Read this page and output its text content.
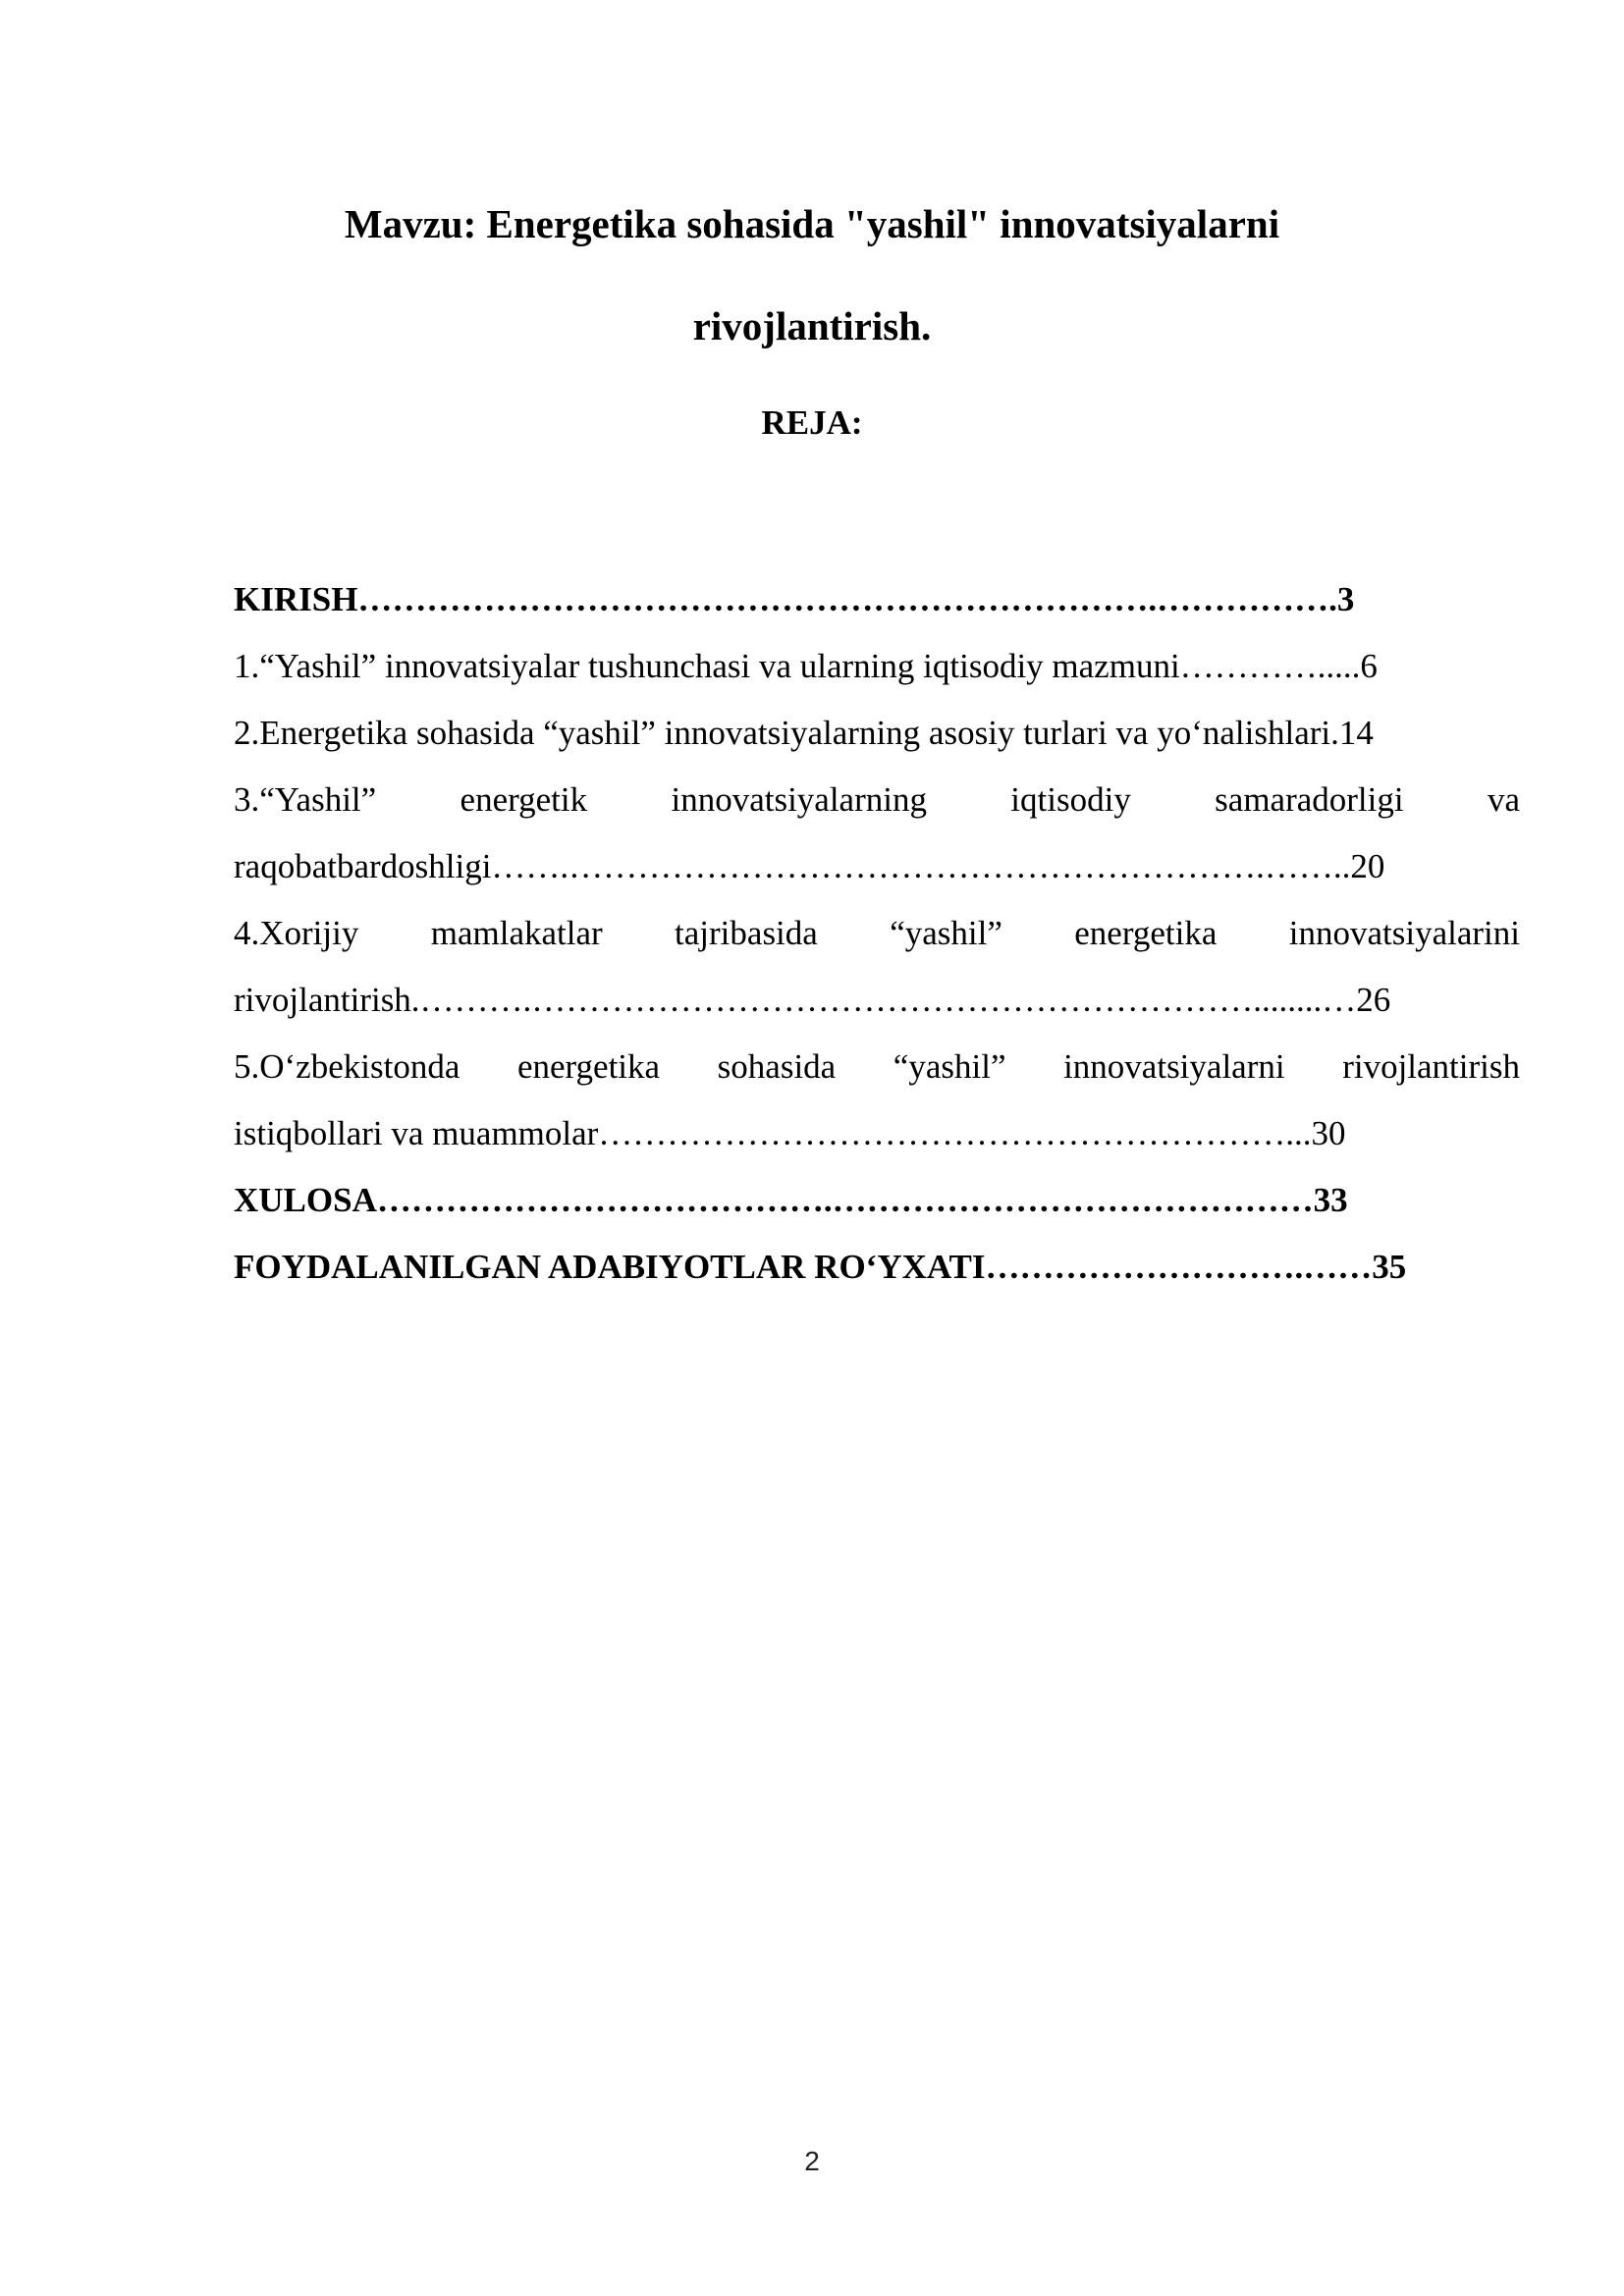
Mavzu: Energetika sohasida "yashil" innovatsiyalarni
rivojlantirish.
REJA:
KIRISH…………………………………………………………….…………….3
1.“Yashil” innovatsiyalar tushunchasi va ularning iqtisodiy mazmuni………….....6
2.Energetika sohasida “yashil” innovatsiyalarning asosiy turlari va yo‘nalishlari.14
3.“Yashil” energetik innovatsiyalarning iqtisodiy samaradorligi va
raqobatbardoshligi…….…………………………………………………….……..20
4.Xorijiy mamlakatlar tajribasida “yashil” energetika innovatsiyalarini
rivojlantirish.……….………………………………………………………........…26
5.O‘zbekistonda energetika sohasida “yashil” innovatsiyalarni rivojlantirish
istiqbollari va muammolar……………………………………………………...30
XULOSA………………………………….……………………………………33
FOYDALANILGAN ADABIYOTLAR RO‘YXATI……………………….……35
2
